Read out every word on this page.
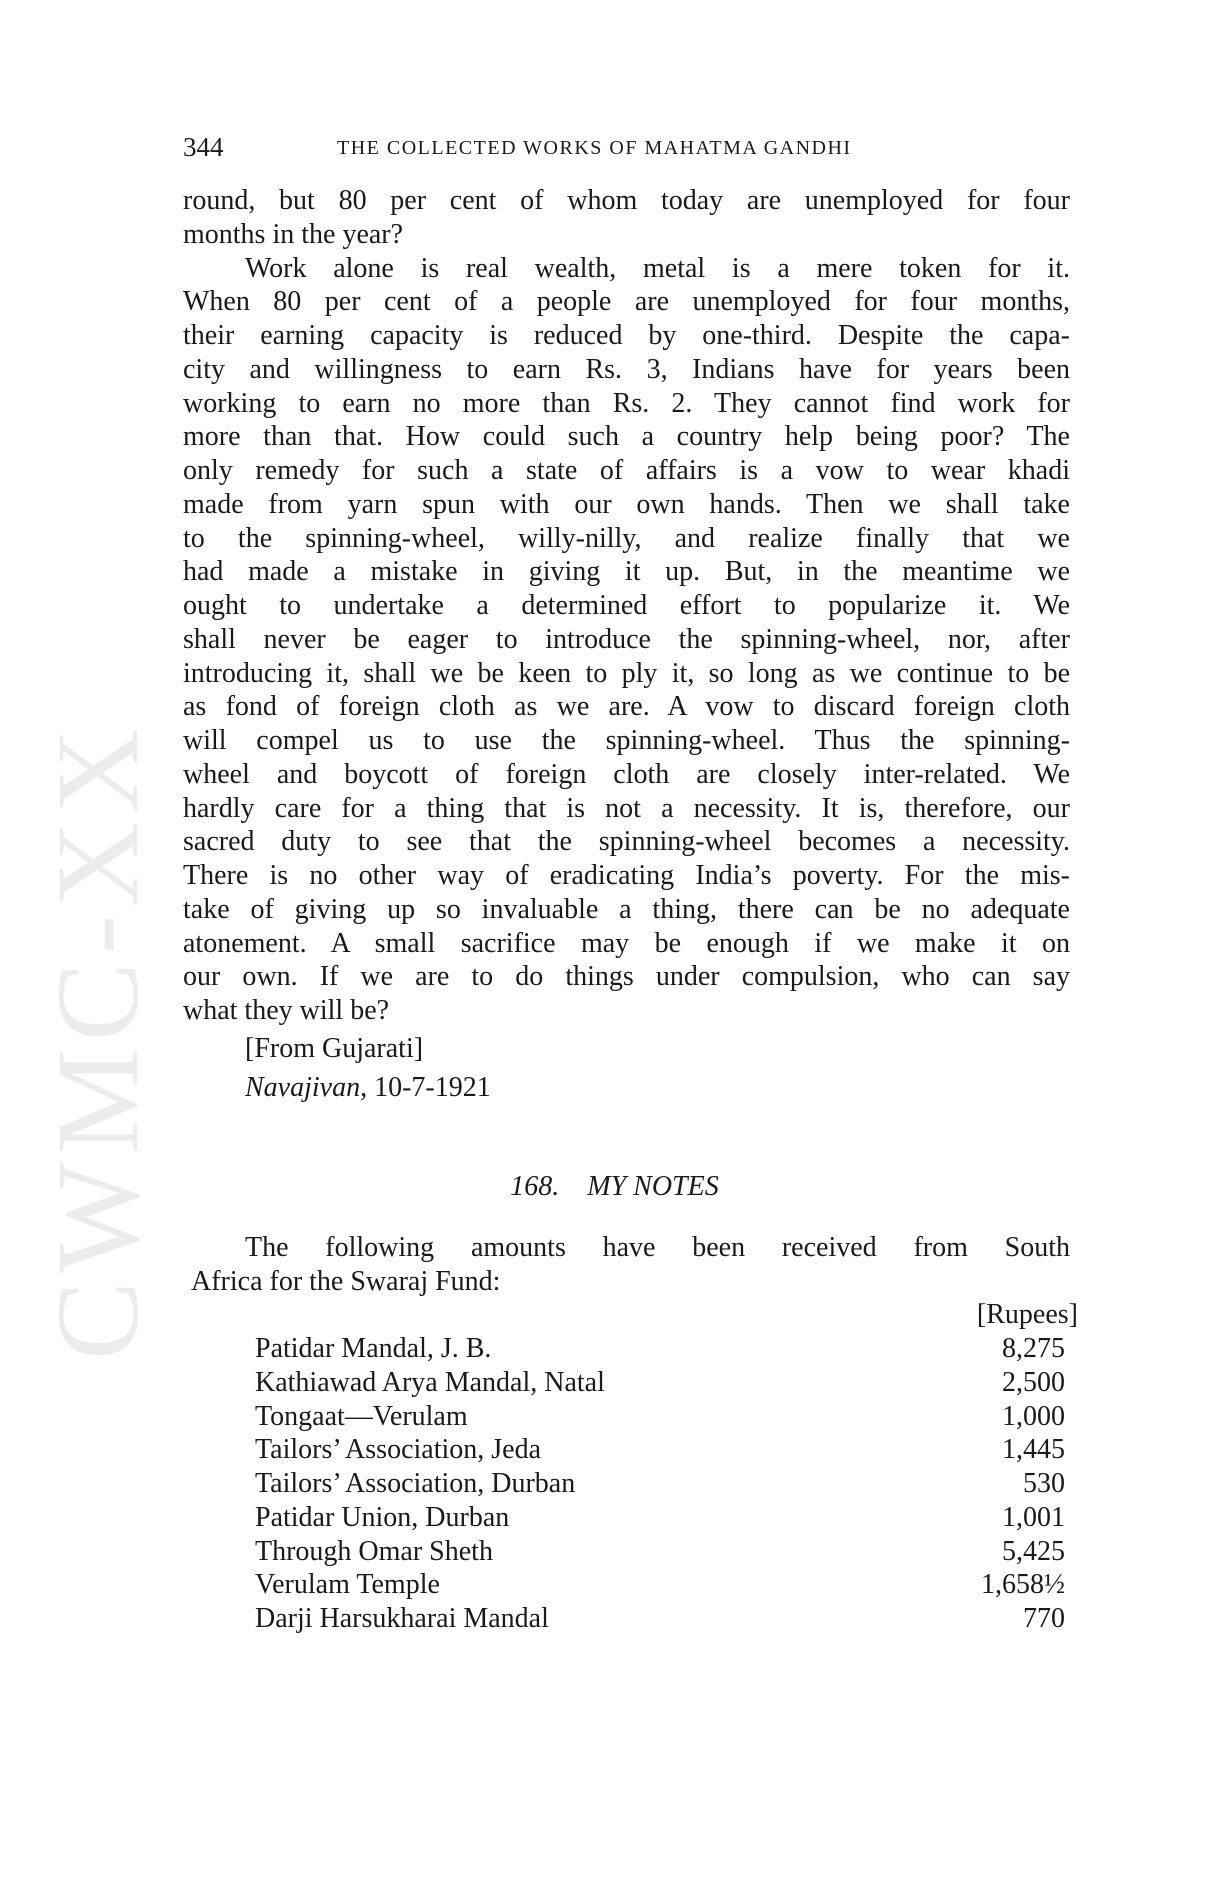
CWMC-XX
344	THE COLLECTED WORKS OF MAHATMA GANDHI
round, but 80 per cent of whom today are unemployed for four
months in the year?
Work alone is real wealth, metal is a mere token for it.
When 80 per cent of a people are unemployed for four months,
their earning capacity is reduced by one-third. Despite the capa-
city and willingness to earn Rs. 3, Indians have for years been
working to earn no more than Rs. 2. They cannot find work for
more than that. How could such a country help being poor? The
only remedy for such a state of affairs is a vow to wear khadi
made from yarn spun with our own hands. Then we shall take
to the spinning-wheel, willy-nilly, and realize finally that we
had made a mistake in giving it up. But, in the meantime we
ought to undertake a determined effort to popularize it. We
shall never be eager to introduce the spinning-wheel, nor, after
introducing it, shall we be keen to ply it, so long as we continue to be
as fond of foreign cloth as we are. A vow to discard foreign cloth
will compel us to use the spinning-wheel. Thus the spinning-
wheel and boycott of foreign cloth are closely inter-related. We
hardly care for a thing that is not a necessity. It is, therefore, our
sacred duty to see that the spinning-wheel becomes a necessity.
There is no other way of eradicating India’s poverty. For the mis-
take of giving up so invaluable a thing, there can be no adequate
atonement. A small sacrifice may be enough if we make it on
our own. If we are to do things under compulsion, who can say
what they will be?
[From Gujarati]
Navajivan, 10-7-1921
168. MY NOTES
The following amounts have been received from South
Africa for the Swaraj Fund:
[Rupees]
Patidar Mandal, J. B.	8,275
Kathiawad Arya Mandal, Natal	2,500
Tongaat—Verulam	1,000
Tailors’ Association, Jeda	1,445
Tailors’ Association, Durban	530
Patidar Union, Durban	1,001
Through Omar Sheth	5,425
Verulam Temple	1,658½
Darji Harsukharai Mandal	770
